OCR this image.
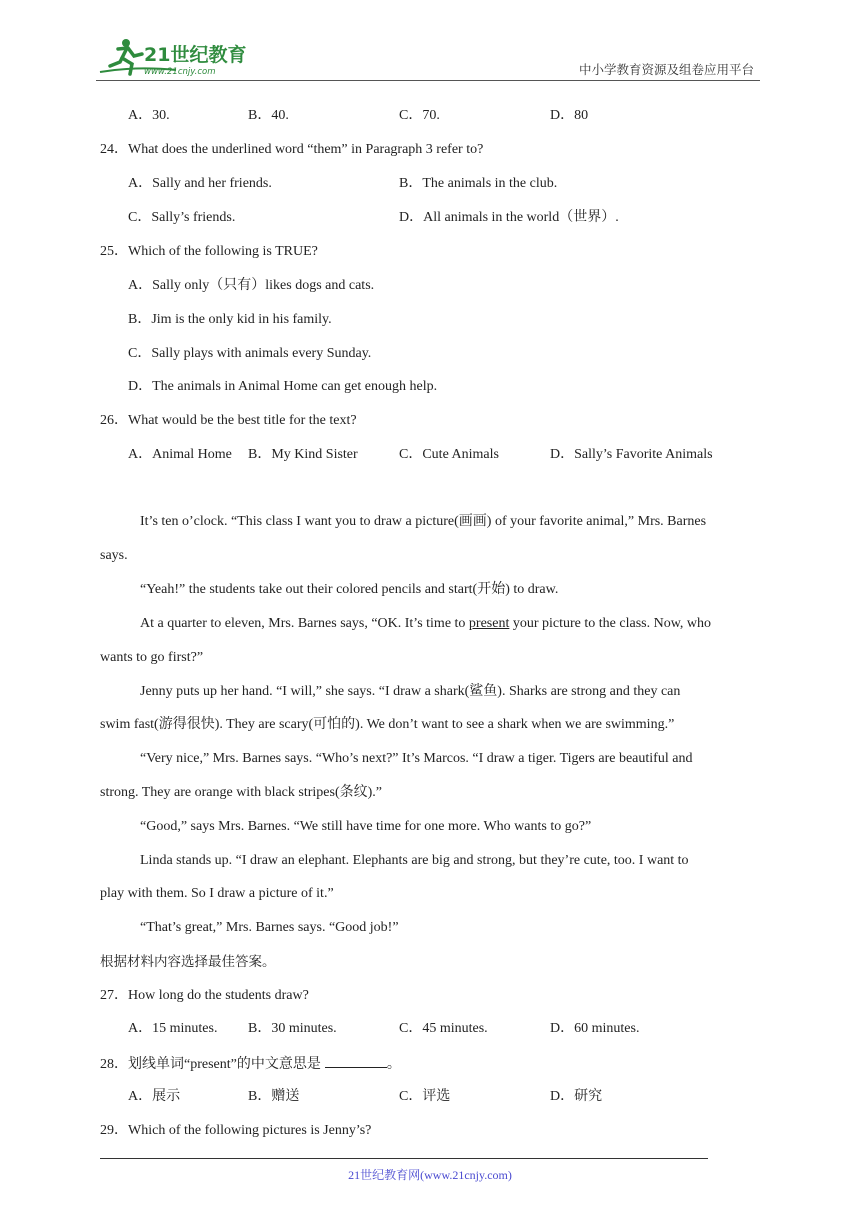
21世纪教育
www.21cnjy.com	中小学教育资源及组卷应用平台
A．30.	B．40.	C．70.	D．80
24．What does the underlined word “them” in Paragraph 3 refer to?
A．Sally and her friends.	B．The animals in the club.
C．Sally’s friends.	D．All animals in the world（世界）.
25．Which of the following is TRUE?
A．Sally only（只有）likes dogs and cats.
B．Jim is the only kid in his family.
C．Sally plays with animals every Sunday.
D．The animals in Animal Home can get enough help.
26．What would be the best title for the text?
A．Animal Home B．My Kind Sister	C．Cute Animals	D．Sally’s Favorite Animals
It’s ten o’clock. “This class I want you to draw a picture(画画) of your favorite animal,” Mrs. Barnes
says.
“Yeah!” the students take out their colored pencils and start(开始) to draw.
At a quarter to eleven, Mrs. Barnes says, “OK. It’s time to present your picture to the class. Now, who
wants to go first?”
Jenny puts up her hand. “I will,” she says. “I draw a shark(鲨鱼). Sharks are strong and they can
swim fast(游得很快). They are scary(可怕的). We don’t want to see a shark when we are swimming.”
“Very nice,” Mrs. Barnes says. “Who’s next?” It’s Marcos. “I draw a tiger. Tigers are beautiful and
strong. They are orange with black stripes(条纹).”
“Good,” says Mrs. Barnes. “We still have time for one more. Who wants to go?”
Linda stands up. “I draw an elephant. Elephants are big and strong, but they’re cute, too. I want to
play with them. So I draw a picture of it.”
“That’s great,” Mrs. Barnes says. “Good job!”
根据材料内容选择最佳答案。
27．How long do the students draw?
A．15 minutes. B．30 minutes.	C．45 minutes.	D．60 minutes.
28．划线单词“present”的中文意思是	。
A．展示	B．赠送	C．评选	D．研究
29．Which of the following pictures is Jenny’s?
21世纪教育网(www.21cnjy.com)
